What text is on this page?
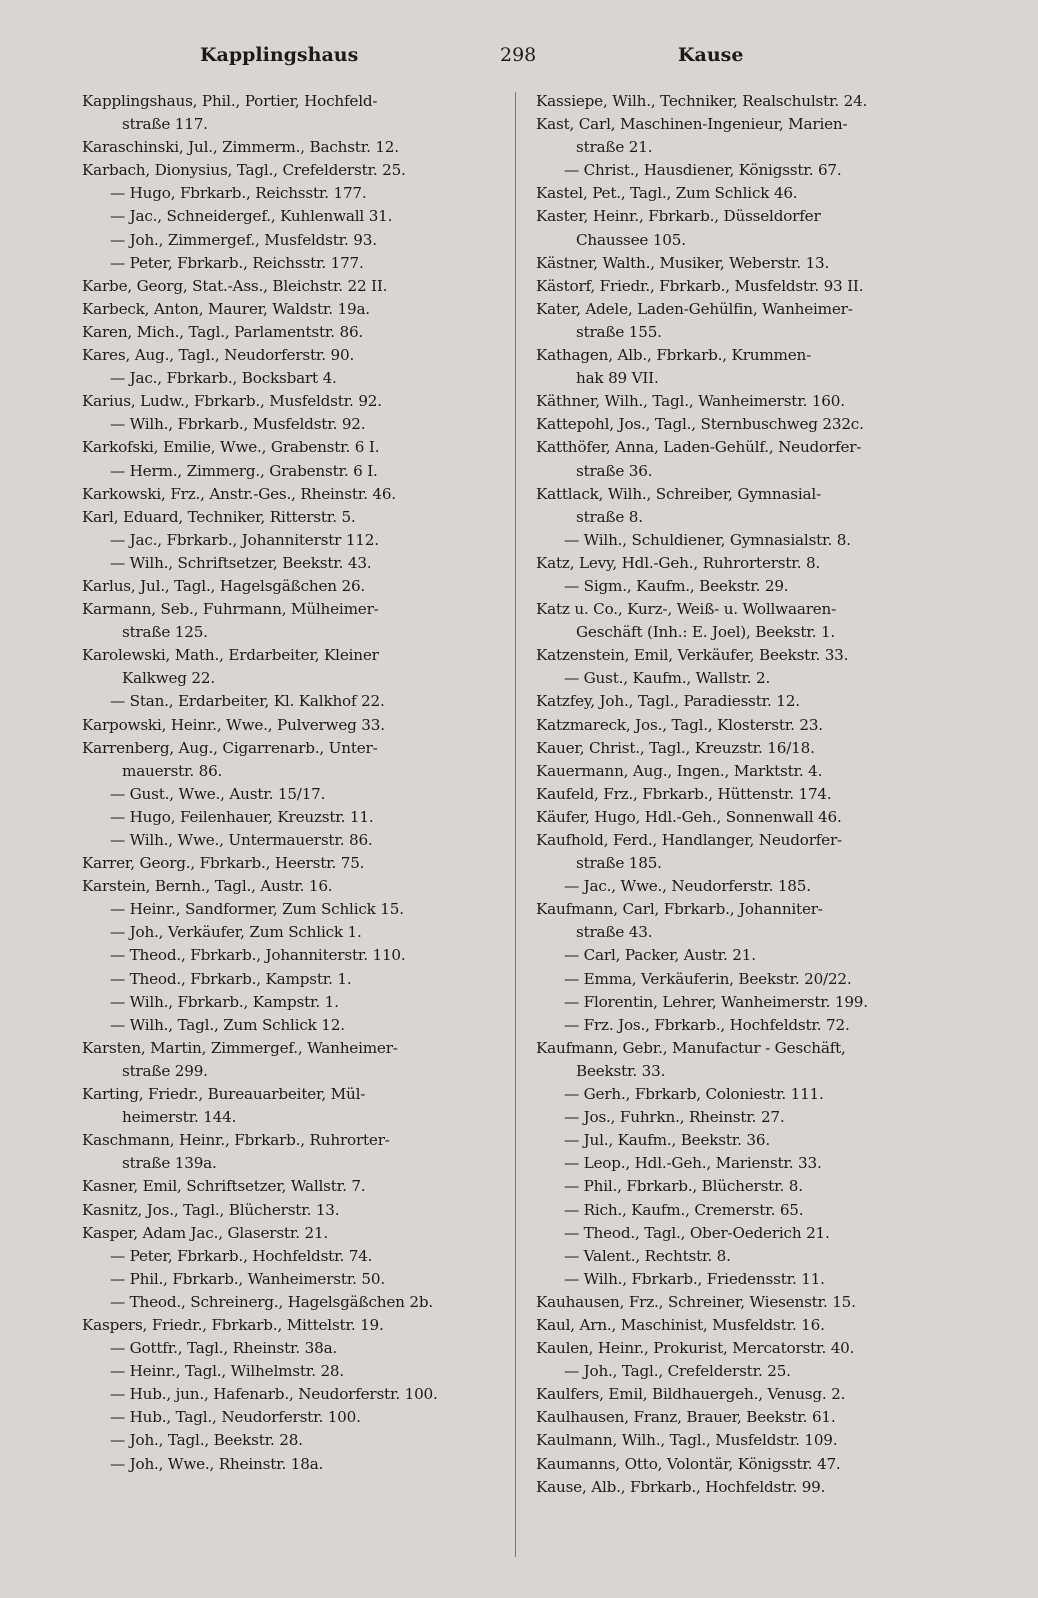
Kapplingshaus	298	Kause
Kapplingshaus, Phil., Portier, Hochfeld-
straße 117.
Karaschinski, Jul., Zimmerm., Bachstr. 12.
Karbach, Dionysius, Tagl., Crefelderstr. 25.
— Hugo, Fbrkarb., Reichsstr. 177.
— Jac., Schneidergef., Kuhlenwall 31.
— Joh., Zimmergef., Musfeldstr. 93.
— Peter, Fbrkarb., Reichsstr. 177.
Karbe, Georg, Stat.-Ass., Bleichstr. 22 II.
Karbeck, Anton, Maurer, Waldstr. 19a.
Karen, Mich., Tagl., Parlamentstr. 86.
Kares, Aug., Tagl., Neudorferstr. 90.
— Jac., Fbrkarb., Bocksbart 4.
Karius, Ludw., Fbrkarb., Musfeldstr. 92.
— Wilh., Fbrkarb., Musfeldstr. 92.
Karkofski, Emilie, Wwe., Grabenstr. 6 I.
— Herm., Zimmerg., Grabenstr. 6 I.
Karkowski, Frz., Anstr.-Ges., Rheinstr. 46.
Karl, Eduard, Techniker, Ritterstr. 5.
— Jac., Fbrkarb., Johanniterstr 112.
— Wilh., Schriftsetzer, Beekstr. 43.
Karlus, Jul., Tagl., Hagelsgäßchen 26.
Karmann, Seb., Fuhrmann, Mülheimer-
straße 125.
Karolewski, Math., Erdarbeiter, Kleiner
Kalkweg 22.
— Stan., Erdarbeiter, Kl. Kalkhof 22.
Karpowski, Heinr., Wwe., Pulverweg 33.
Karrenberg, Aug., Cigarrenarb., Unter-
mauerstr. 86.
— Gust., Wwe., Austr. 15/17.
— Hugo, Feilenhauer, Kreuzstr. 11.
— Wilh., Wwe., Untermauerstr. 86.
Karrer, Georg., Fbrkarb., Heerstr. 75.
Karstein, Bernh., Tagl., Austr. 16.
— Heinr., Sandformer, Zum Schlick 15.
— Joh., Verkäufer, Zum Schlick 1.
— Theod., Fbrkarb., Johanniterstr. 110.
— Theod., Fbrkarb., Kampstr. 1.
— Wilh., Fbrkarb., Kampstr. 1.
— Wilh., Tagl., Zum Schlick 12.
Karsten, Martin, Zimmergef., Wanheimer-
straße 299.
Karting, Friedr., Bureauarbeiter, Mül-
heimerstr. 144.
Kaschmann, Heinr., Fbrkarb., Ruhrorter-
straße 139a.
Kasner, Emil, Schriftsetzer, Wallstr. 7.
Kasnitz, Jos., Tagl., Blücherstr. 13.
Kasper, Adam Jac., Glaserstr. 21.
— Peter, Fbrkarb., Hochfeldstr. 74.
— Phil., Fbrkarb., Wanheimerstr. 50.
— Theod., Schreinerg., Hagelsgäßchen 2b.
Kaspers, Friedr., Fbrkarb., Mittelstr. 19.
— Gottfr., Tagl., Rheinstr. 38a.
— Heinr., Tagl., Wilhelmstr. 28.
— Hub., jun., Hafenarb., Neudorferstr. 100.
— Hub., Tagl., Neudorferstr. 100.
— Joh., Tagl., Beekstr. 28.
— Joh., Wwe., Rheinstr. 18a.
Kassiepe, Wilh., Techniker, Realschulstr. 24.
Kast, Carl, Maschinen-Ingenieur, Marien-
straße 21.
— Christ., Hausdiener, Königsstr. 67.
Kastel, Pet., Tagl., Zum Schlick 46.
Kaster, Heinr., Fbrkarb., Düsseldorfer
Chaussee 105.
Kästner, Walth., Musiker, Weberstr. 13.
Kästorf, Friedr., Fbrkarb., Musfeldstr. 93 II.
Kater, Adele, Laden-Gehülfin, Wanheimer-
straße 155.
Kathagen, Alb., Fbrkarb., Krummen-
hak 89 VII.
Käthner, Wilh., Tagl., Wanheimerstr. 160.
Kattepohl, Jos., Tagl., Sternbuschweg 232c.
Katthöfer, Anna, Laden-Gehülf., Neudorfer-
straße 36.
Kattlack, Wilh., Schreiber, Gymnasial-
straße 8.
— Wilh., Schuldiener, Gymnasialstr. 8.
Katz, Levy, Hdl.-Geh., Ruhrorterstr. 8.
— Sigm., Kaufm., Beekstr. 29.
Katz u. Co., Kurz-, Weiß- u. Wollwaaren-
Geschäft (Inh.: E. Joel), Beekstr. 1.
Katzenstein, Emil, Verkäufer, Beekstr. 33.
— Gust., Kaufm., Wallstr. 2.
Katzfey, Joh., Tagl., Paradiesstr. 12.
Katzmareck, Jos., Tagl., Klosterstr. 23.
Kauer, Christ., Tagl., Kreuzstr. 16/18.
Kauermann, Aug., Ingen., Marktstr. 4.
Kaufeld, Frz., Fbrkarb., Hüttenstr. 174.
Käufer, Hugo, Hdl.-Geh., Sonnenwall 46.
Kaufhold, Ferd., Handlanger, Neudorfer-
straße 185.
— Jac., Wwe., Neudorferstr. 185.
Kaufmann, Carl, Fbrkarb., Johanniter-
straße 43.
— Carl, Packer, Austr. 21.
— Emma, Verkäuferin, Beekstr. 20/22.
— Florentin, Lehrer, Wanheimerstr. 199.
— Frz. Jos., Fbrkarb., Hochfeldstr. 72.
Kaufmann, Gebr., Manufactur - Geschäft,
Beekstr. 33.
— Gerh., Fbrkarb, Coloniestr. 111.
— Jos., Fuhrkn., Rheinstr. 27.
— Jul., Kaufm., Beekstr. 36.
— Leop., Hdl.-Geh., Marienstr. 33.
— Phil., Fbrkarb., Blücherstr. 8.
— Rich., Kaufm., Cremerstr. 65.
— Theod., Tagl., Ober-Oederich 21.
— Valent., Rechtstr. 8.
— Wilh., Fbrkarb., Friedensstr. 11.
Kauhausen, Frz., Schreiner, Wiesenstr. 15.
Kaul, Arn., Maschinist, Musfeldstr. 16.
Kaulen, Heinr., Prokurist, Mercatorstr. 40.
— Joh., Tagl., Crefelderstr. 25.
Kaulfers, Emil, Bildhauergeh., Venusg. 2.
Kaulhausen, Franz, Brauer, Beekstr. 61.
Kaulmann, Wilh., Tagl., Musfeldstr. 109.
Kaumanns, Otto, Volontär, Königsstr. 47.
Kause, Alb., Fbrkarb., Hochfeldstr. 99.
